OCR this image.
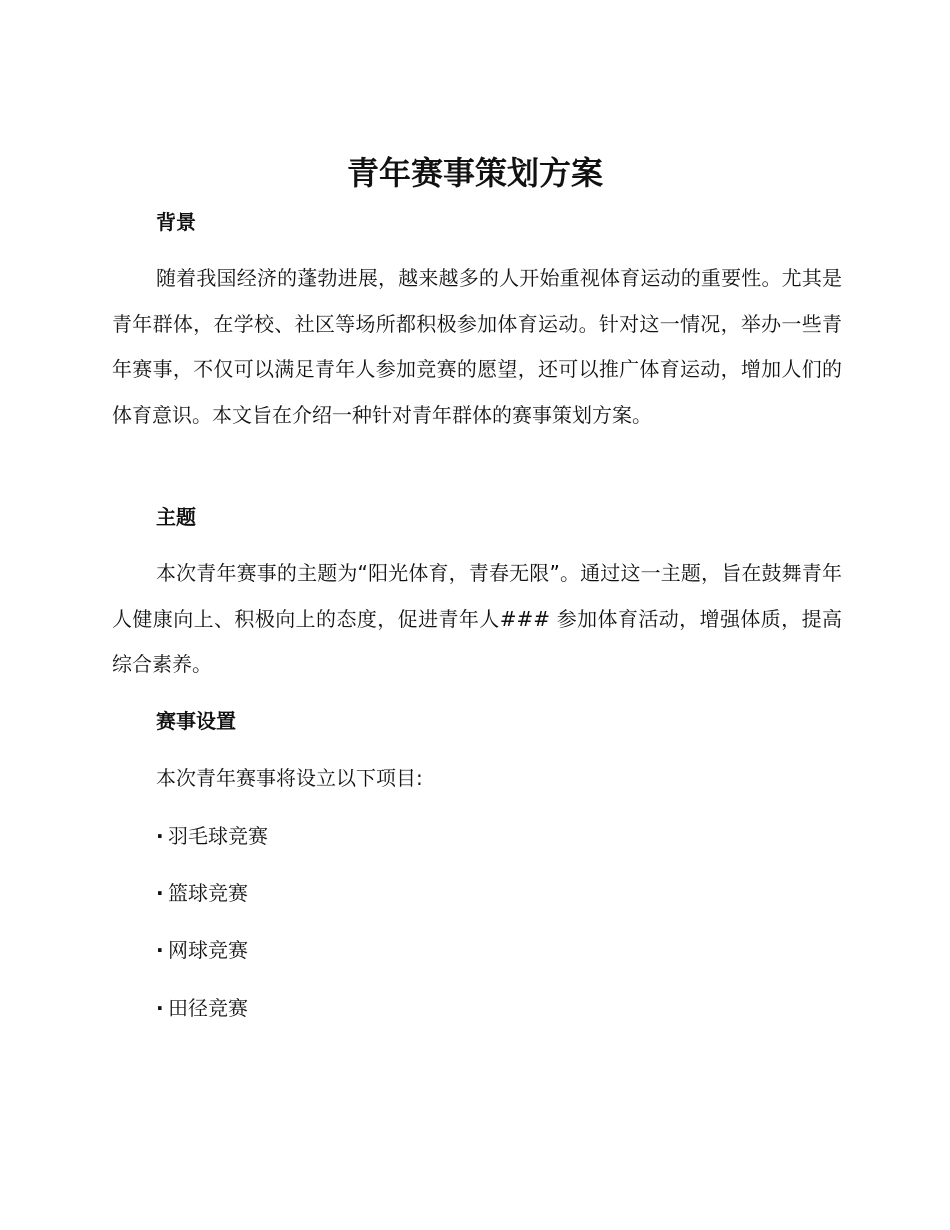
青年赛事策划方案
背景

随着我国经济的蓬勃进展，越来越多的人开始重视体育运动的重要性。尤其是青年群体，在学校、社区等场所都积极参加体育运动。针对这一情况，举办一些青年赛事，不仅可以满足青年人参加竞赛的愿望，还可以推广体育运动，增加人们的体育意识。本文旨在介绍一种针对青年群体的赛事策划方案。

主题

本次青年赛事的主题为“阳光体育，青春无限”。通过这一主题，旨在鼓舞青年人健康向上、积极向上的态度，促进青年人### 参加体育活动，增强体质，提高综合素养。

赛事设置

本次青年赛事将设立以下项目:

· 羽毛球竞赛
· 篮球竞赛
· 网球竞赛
· 田径竞赛
